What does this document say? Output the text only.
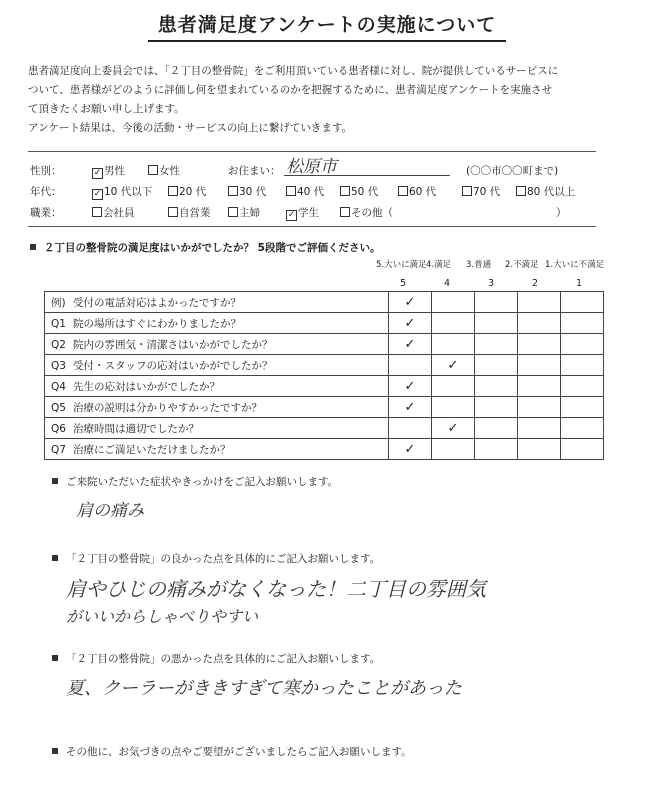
患者満足度アンケートの実施について

患者満足度向上委員会では、「２丁目の整骨院」をご利用頂いている患者様に対し、院が提供しているサービスに

ついて、患者様がどのように評価し何を望まれているのかを把握するために、患者満足度アンケートを実施させ

て頂きたくお願い申し上げます。

アンケート結果は、今後の活動・サービスの向上に繋げていきます。

性別：	✓ 男性	女性	お住まい： 松原市	(〇〇市〇〇町まで)
年代：	✓ 10 代以下	20 代	30 代	40 代	50 代	60 代	70 代	80 代以上
職業：	会社員	自営業	主婦	✓ 学生	その他（	）
２丁目の整骨院の満足度はいかがでしたか？ 5段階でご評価ください。
5.大いに満足 4.満足 3.普通 2.不満足 1.大いに不満足
5	4	3	2	1
例) 受付の電話対応はよかったですか？	✓				
Q1 院の場所はすぐにわかりましたか？	✓				
Q2 院内の雰囲気・清潔さはいかがでしたか？	✓				
Q3 受付・スタッフの応対はいかがでしたか？		✓			
Q4 先生の応対はいかがでしたか？	✓				
Q5 治療の説明は分かりやすかったですか？	✓				
Q6 治療時間は適切でしたか？		✓			
Q7 治療にご満足いただけましたか？	✓				
ご来院いただいた症状やきっかけをご記入お願いします。
肩の痛み
「２丁目の整骨院」の良かった点を具体的にご記入お願いします。
肩やひじの痛みがなくなった！二丁目の雰囲気
がいいからしゃべりやすい
「２丁目の整骨院」の悪かった点を具体的にご記入お願いします。
夏、クーラーがききすぎて寒かったことがあった
その他に、お気づきの点やご要望がございましたらご記入お願いします。
